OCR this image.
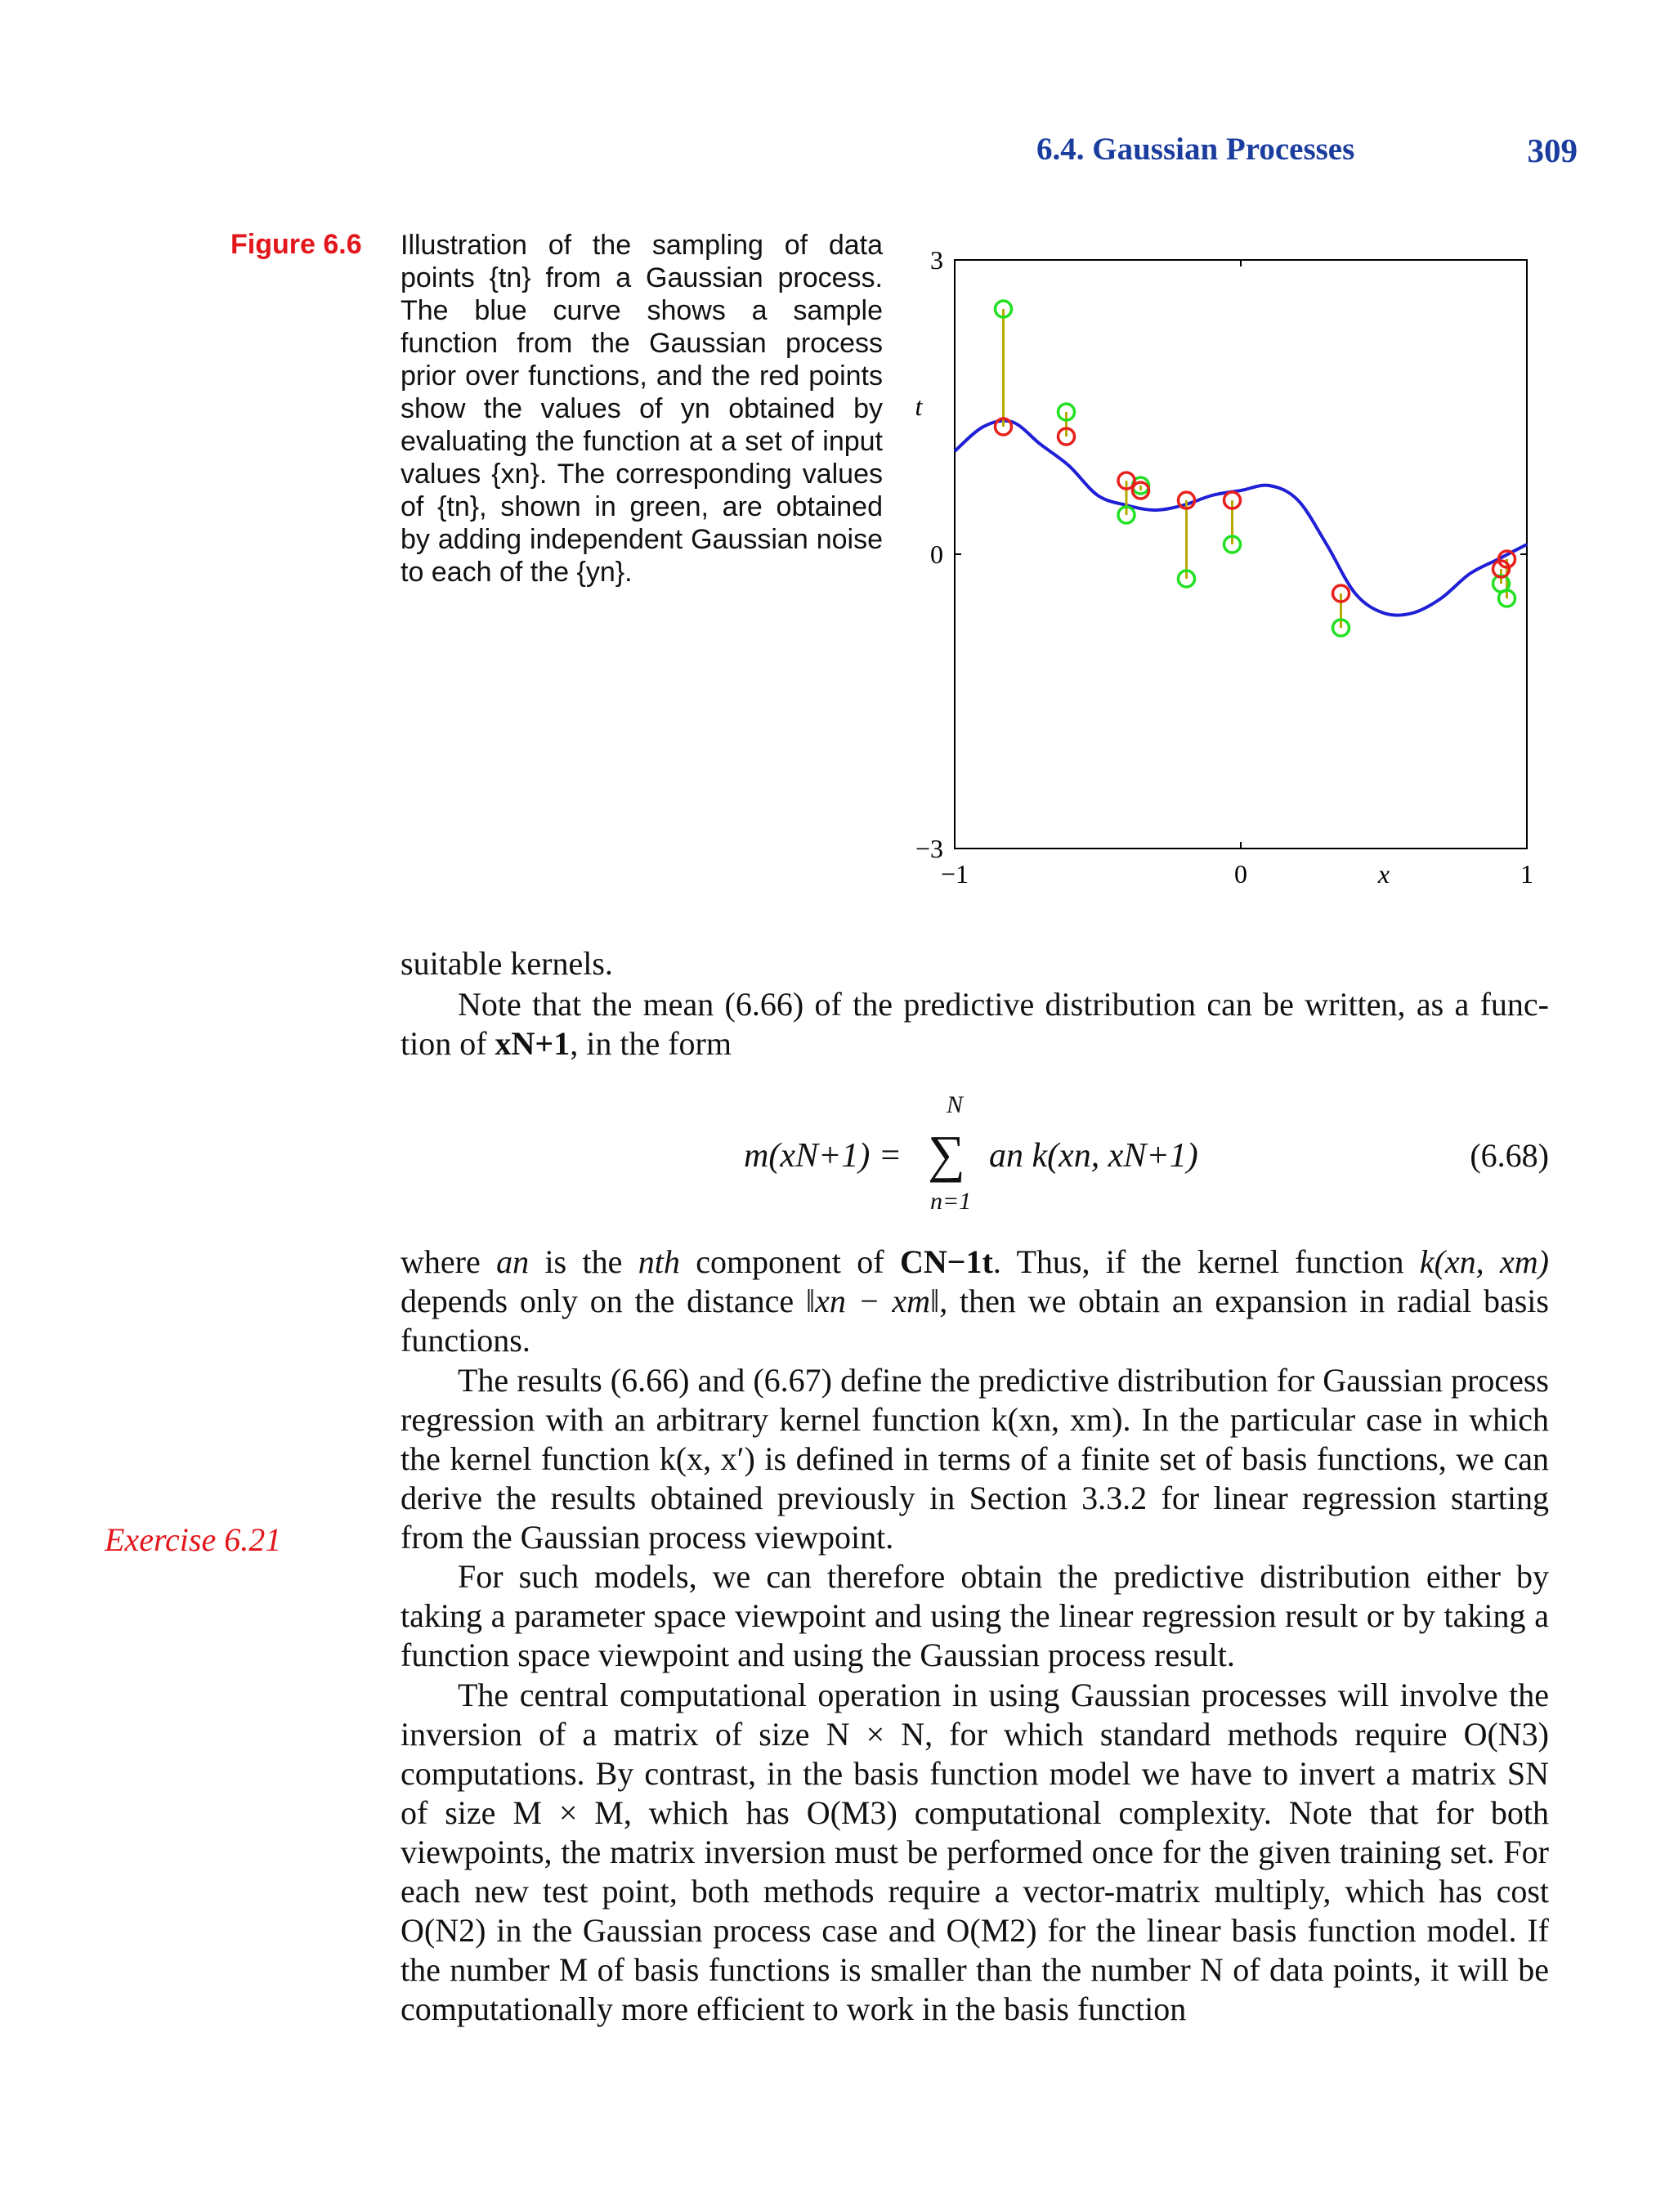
6.4. Gaussian Processes	309
Figure 6.6 Illustration of the sampling of data points {tn} from a Gaussian process. The blue curve shows a sample function from the Gaussian process prior over functions, and the red points show the values of yn obtained by evaluating the function at a set of input values {xn}. The corresponding values of {tn}, shown in green, are obtained by adding independent Gaussian noise to each of the {yn}.
−1	0	1
3
0
−3
x
t
suitable kernels.
Note that the mean (6.66) of the predictive distribution can be written, as a func-tion of xN+1, in the form
m(xN+1) =
N
∑
n=1
an k(xn, xN+1)	(6.68)
where an is the nth component of CN−1t. Thus, if the kernel function k(xn, xm) depends only on the distance ‖xn − xm‖, then we obtain an expansion in radial basis functions.
The results (6.66) and (6.67) define the predictive distribution for Gaussian process regression with an arbitrary kernel function k(xn, xm). In the particular case in which the kernel function k(x, x′) is defined in terms of a finite set of basis functions, we can derive the results obtained previously in Section 3.3.2 for linear regression starting from the Gaussian process viewpoint.
Exercise 6.21
For such models, we can therefore obtain the predictive distribution either by taking a parameter space viewpoint and using the linear regression result or by taking a function space viewpoint and using the Gaussian process result.
The central computational operation in using Gaussian processes will involve the inversion of a matrix of size N × N, for which standard methods require O(N3) computations. By contrast, in the basis function model we have to invert a matrix SN of size M × M, which has O(M3) computational complexity. Note that for both viewpoints, the matrix inversion must be performed once for the given training set. For each new test point, both methods require a vector-matrix multiply, which has cost O(N2) in the Gaussian process case and O(M2) for the linear basis function model. If the number M of basis functions is smaller than the number N of data points, it will be computationally more efficient to work in the basis function
